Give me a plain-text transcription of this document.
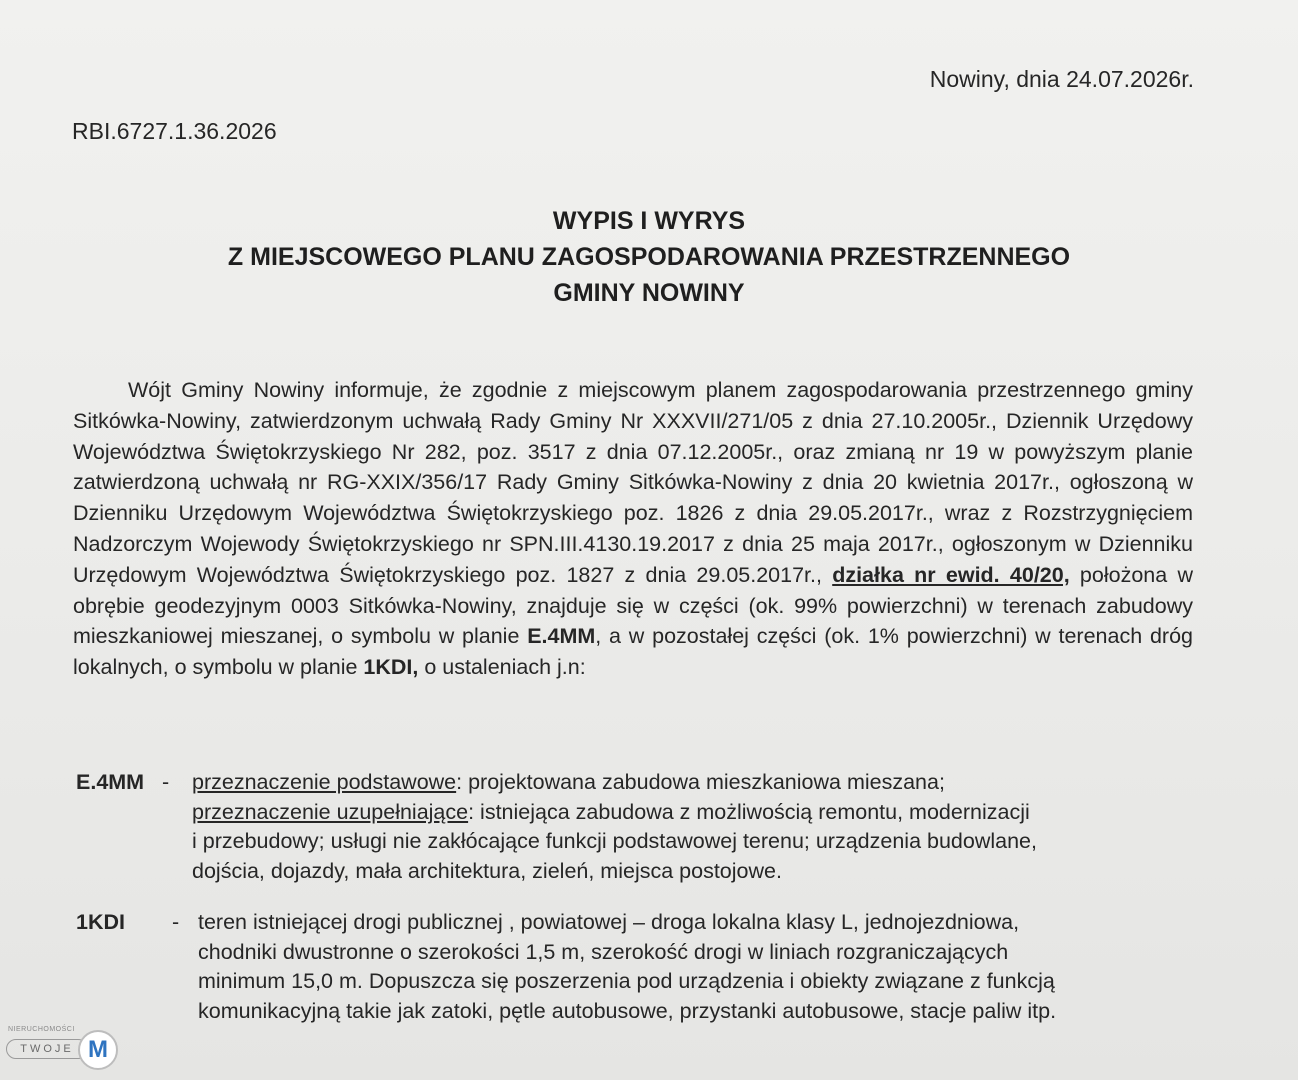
Nowiny, dnia 24.07.2026r.
RBI.6727.1.36.2026
WYPIS I WYRYS
Z MIEJSCOWEGO PLANU ZAGOSPODAROWANIA PRZESTRZENNEGO
GMINY NOWINY

Wójt Gminy Nowiny informuje, że zgodnie z miejscowym planem zagospodarowania przestrzennego gminy Sitkówka-Nowiny, zatwierdzonym uchwałą Rady Gminy Nr XXXVII/271/05 z dnia 27.10.2005r., Dziennik Urzędowy Województwa Świętokrzyskiego Nr 282, poz. 3517 z dnia 07.12.2005r., oraz zmianą nr 19 w powyższym planie zatwierdzoną uchwałą nr RG-XXIX/356/17 Rady Gminy Sitkówka-Nowiny z dnia 20 kwietnia 2017r., ogłoszoną w Dzienniku Urzędowym Województwa Świętokrzyskiego poz. 1826 z dnia 29.05.2017r., wraz z Rozstrzygnięciem Nadzorczym Wojewody Świętokrzyskiego nr SPN.III.4130.19.2017 z dnia 25 maja 2017r., ogłoszonym w Dzienniku Urzędowym Województwa Świętokrzyskiego poz. 1827 z dnia 29.05.2017r., działka nr ewid. 40/20, położona w obrębie geodezyjnym 0003 Sitkówka-Nowiny, znajduje się w części (ok. 99% powierzchni) w terenach zabudowy mieszkaniowej mieszanej, o symbolu w planie E.4MM, a w pozostałej części (ok. 1% powierzchni) w terenach dróg lokalnych, o symbolu w planie 1KDI, o ustaleniach j.n:

E.4MM - przeznaczenie podstawowe: projektowana zabudowa mieszkaniowa mieszana;
przeznaczenie uzupełniające: istniejąca zabudowa z możliwością remontu, modernizacji
i przebudowy; usługi nie zakłócające funkcji podstawowej terenu; urządzenia budowlane,
dojścia, dojazdy, mała architektura, zieleń, miejsca postojowe.
1KDI	- teren istniejącej drogi publicznej , powiatowej – droga lokalna klasy L, jednojezdniowa,
chodniki dwustronne o szerokości 1,5 m, szerokość drogi w liniach rozgraniczających
minimum 15,0 m. Dopuszcza się poszerzenia pod urządzenia i obiekty związane z funkcją
komunikacyjną takie jak zatoki, pętle autobusowe, przystanki autobusowe, stacje paliw itp.
NIERUCHOMOŚCI
TWOJE M
